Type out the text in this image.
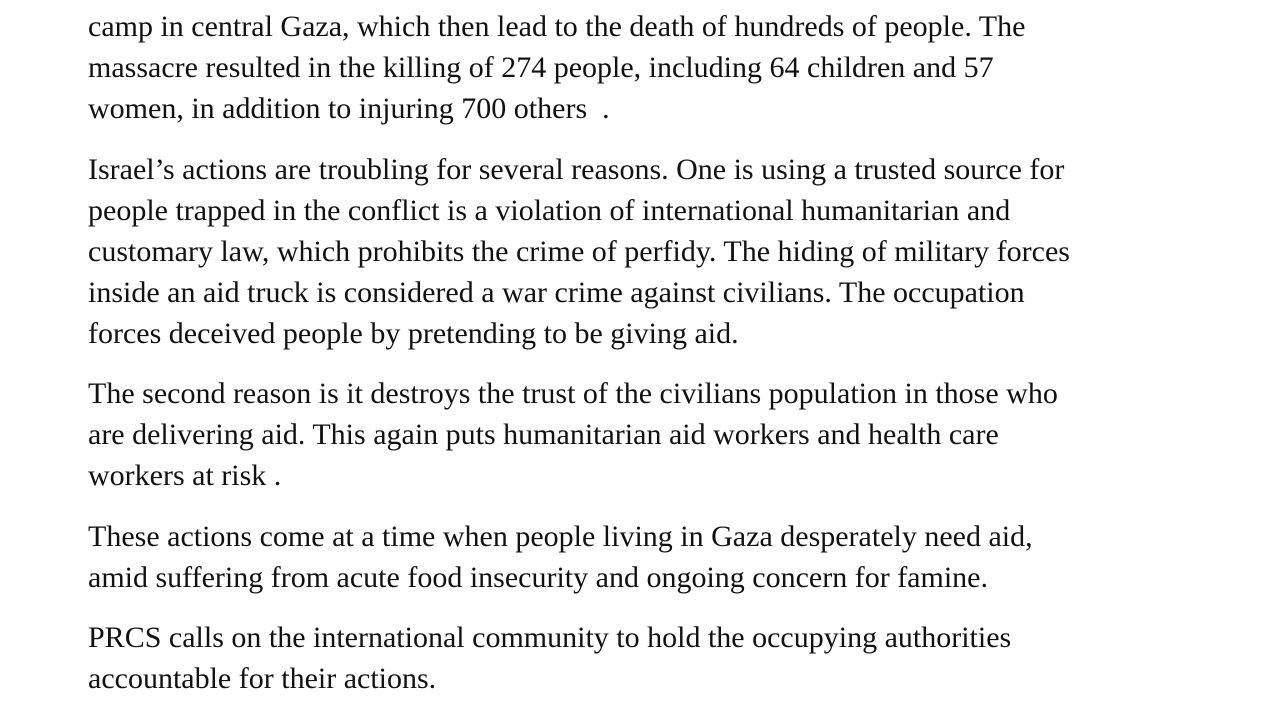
camp in central Gaza, which then lead to the death of hundreds of people. The
massacre resulted in the killing of 274 people, including 64 children and 57
women, in addition to injuring 700 others  .

Israel’s actions are troubling for several reasons. One is using a trusted source for
people trapped in the conflict is a violation of international humanitarian and
customary law, which prohibits the crime of perfidy. The hiding of military forces
inside an aid truck is considered a war crime against civilians. The occupation
forces deceived people by pretending to be giving aid.

The second reason is it destroys the trust of the civilians population in those who
are delivering aid. This again puts humanitarian aid workers and health care
workers at risk .

These actions come at a time when people living in Gaza desperately need aid,
amid suffering from acute food insecurity and ongoing concern for famine.

PRCS calls on the international community to hold the occupying authorities
accountable for their actions.
